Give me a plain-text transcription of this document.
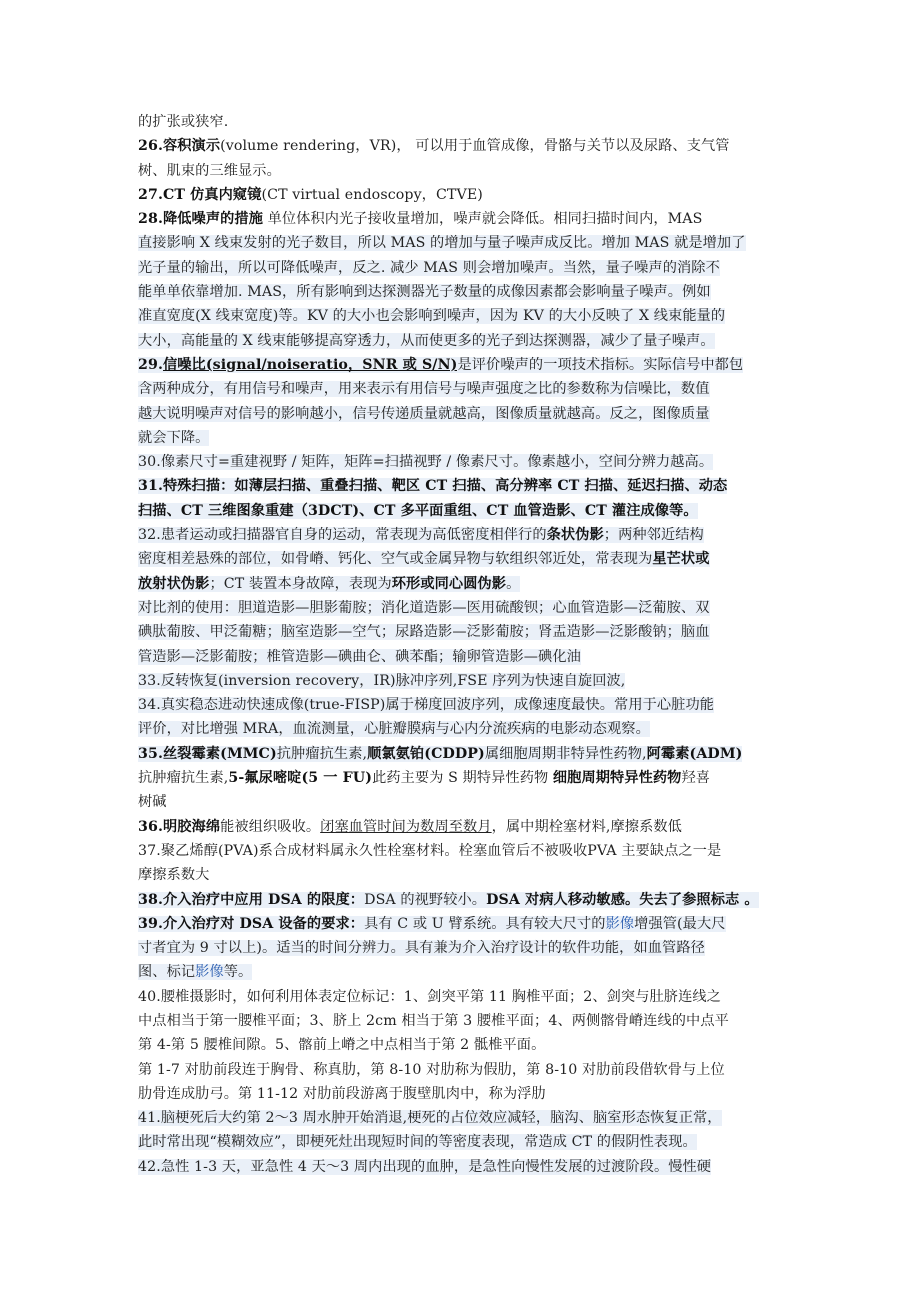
的扩张或狭窄.
26.容积演示(volume rendering，VR)， 可以用于血管成像，骨骼与关节以及尿路、支气管
树、肌束的三维显示。
27.CT 仿真内窥镜(CT virtual endoscopy，CTVE)
28.降低噪声的措施 单位体积内光子接收量增加，噪声就会降低。相同扫描时间内，MAS
直接影响 X 线束发射的光子数目，所以 MAS 的增加与量子噪声成反比。增加 MAS 就是增加了
光子量的输出，所以可降低噪声，反之. 减少 MAS 则会增加噪声。当然，量子噪声的消除不
能单单依靠增加. MAS，所有影响到达探测器光子数量的成像因素都会影响量子噪声。例如
准直宽度(X 线束宽度)等。KV 的大小也会影响到噪声，因为 KV 的大小反映了 X 线束能量的
大小，高能量的 X 线束能够提高穿透力，从而使更多的光子到达探测器，减少了量子噪声。
29.信噪比(signal/noiseratio，SNR 或 S/N)是评价噪声的一项技术指标。实际信号中都包
含两种成分，有用信号和噪声，用来表示有用信号与噪声强度之比的参数称为信噪比，数值
越大说明噪声对信号的影响越小，信号传递质量就越高，图像质量就越高。反之，图像质量
就会下降。
30.像素尺寸=重建视野 / 矩阵，矩阵=扫描视野 / 像素尺寸。像素越小，空间分辨力越高。
31.特殊扫描：如薄层扫描、重叠扫描、靶区 CT 扫描、高分辨率 CT 扫描、延迟扫描、动态
扫描、CT 三维图象重建（3DCT)、CT 多平面重组、CT 血管造影、CT 灌注成像等。
32.患者运动或扫描器官自身的运动，常表现为高低密度相伴行的条状伪影；两种邻近结构
密度相差悬殊的部位，如骨嵴、钙化、空气或金属异物与软组织邻近处，常表现为星芒状或
放射状伪影；CT 装置本身故障，表现为环形或同心圆伪影。
对比剂的使用：胆道造影—胆影葡胺；消化道造影—医用硫酸钡；心血管造影—泛葡胺、双
碘肽葡胺、甲泛葡糖；脑室造影—空气；尿路造影—泛影葡胺；肾盂造影—泛影酸钠；脑血
管造影—泛影葡胺；椎管造影—碘曲仑、碘苯酯；输卵管造影—碘化油
33.反转恢复(inversion recovery，IR)脉冲序列,FSE 序列为快速自旋回波,
34.真实稳态进动快速成像(true-FISP)属于梯度回波序列，成像速度最快。常用于心脏功能
评价，对比增强 MRA，血流测量，心脏瓣膜病与心内分流疾病的电影动态观察。
35.丝裂霉素(MMC)抗肿瘤抗生素,顺氯氨铂(CDDP)属细胞周期非特异性药物,阿霉素(ADM)
抗肿瘤抗生素,5-氟尿嘧啶(5 一 FU)此药主要为 S 期特异性药物 细胞周期特异性药物羟喜
树碱
36.明胶海绵能被组织吸收。闭塞血管时间为数周至数月，属中期栓塞材料,摩擦系数低
37.聚乙烯醇(PVA)系合成材料属永久性栓塞材料。栓塞血管后不被吸收PVA 主要缺点之一是
摩擦系数大
38.介入治疗中应用 DSA 的限度：DSA 的视野较小。DSA 对病人移动敏感。失去了参照标志 。
39.介入治疗对 DSA 设备的要求：具有 C 或 U 臂系统。具有较大尺寸的影像增强管(最大尺
寸者宜为 9 寸以上)。适当的时间分辨力。具有兼为介入治疗设计的软件功能，如血管路径
图、标记影像等。
40.腰椎摄影时，如何利用体表定位标记：1、剑突平第 11 胸椎平面；2、剑突与肚脐连线之
中点相当于第一腰椎平面；3、脐上 2cm 相当于第 3 腰椎平面；4、两侧髂骨嵴连线的中点平
第 4-第 5 腰椎间隙。5、髂前上嵴之中点相当于第 2 骶椎平面。
第 1-7 对肋前段连于胸骨、称真肋，第 8-10 对肋称为假肋，第 8-10 对肋前段借软骨与上位
肋骨连成肋弓。第 11-12 对肋前段游离于腹壁肌肉中，称为浮肋
41.脑梗死后大约第 2～3 周水肿开始消退,梗死的占位效应减轻，脑沟、脑室形态恢复正常，
此时常出现“模糊效应”，即梗死灶出现短时间的等密度表现，常造成 CT 的假阴性表现。
42.急性 1-3 天，亚急性 4 天～3 周内出现的血肿，是急性向慢性发展的过渡阶段。慢性硬
